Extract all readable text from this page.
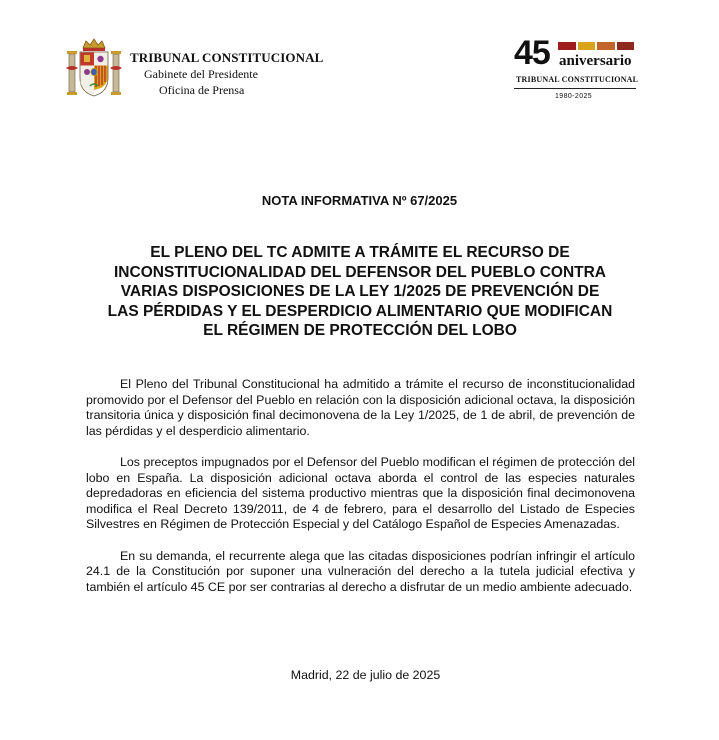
TRIBUNAL CONSTITUCIONAL
Gabinete del Presidente
Oficina de Prensa
45 aniversario
TRIBUNAL CONSTITUCIONAL
1980-2025
NOTA INFORMATIVA Nº 67/2025
EL PLENO DEL TC ADMITE A TRÁMITE EL RECURSO DE
INCONSTITUCIONALIDAD DEL DEFENSOR DEL PUEBLO CONTRA
VARIAS DISPOSICIONES DE LA LEY 1/2025 DE PREVENCIÓN DE
LAS PÉRDIDAS Y EL DESPERDICIO ALIMENTARIO QUE MODIFICAN
EL RÉGIMEN DE PROTECCIÓN DEL LOBO

El Pleno del Tribunal Constitucional ha admitido a trámite el recurso de inconstitucionalidad promovido por el Defensor del Pueblo en relación con la disposición adicional octava, la disposición transitoria única y disposición final decimonovena de la Ley 1/2025, de 1 de abril, de prevención de las pérdidas y el desperdicio alimentario.

Los preceptos impugnados por el Defensor del Pueblo modifican el régimen de protección del lobo en España. La disposición adicional octava aborda el control de las especies naturales depredadoras en eficiencia del sistema productivo mientras que la disposición final decimonovena modifica el Real Decreto 139/2011, de 4 de febrero, para el desarrollo del Listado de Especies Silvestres en Régimen de Protección Especial y del Catálogo Español de Especies Amenazadas.

En su demanda, el recurrente alega que las citadas disposiciones podrían infringir el artículo 24.1 de la Constitución por suponer una vulneración del derecho a la tutela judicial efectiva y también el artículo 45 CE por ser contrarias al derecho a disfrutar de un medio ambiente adecuado.

Madrid, 22 de julio de 2025
